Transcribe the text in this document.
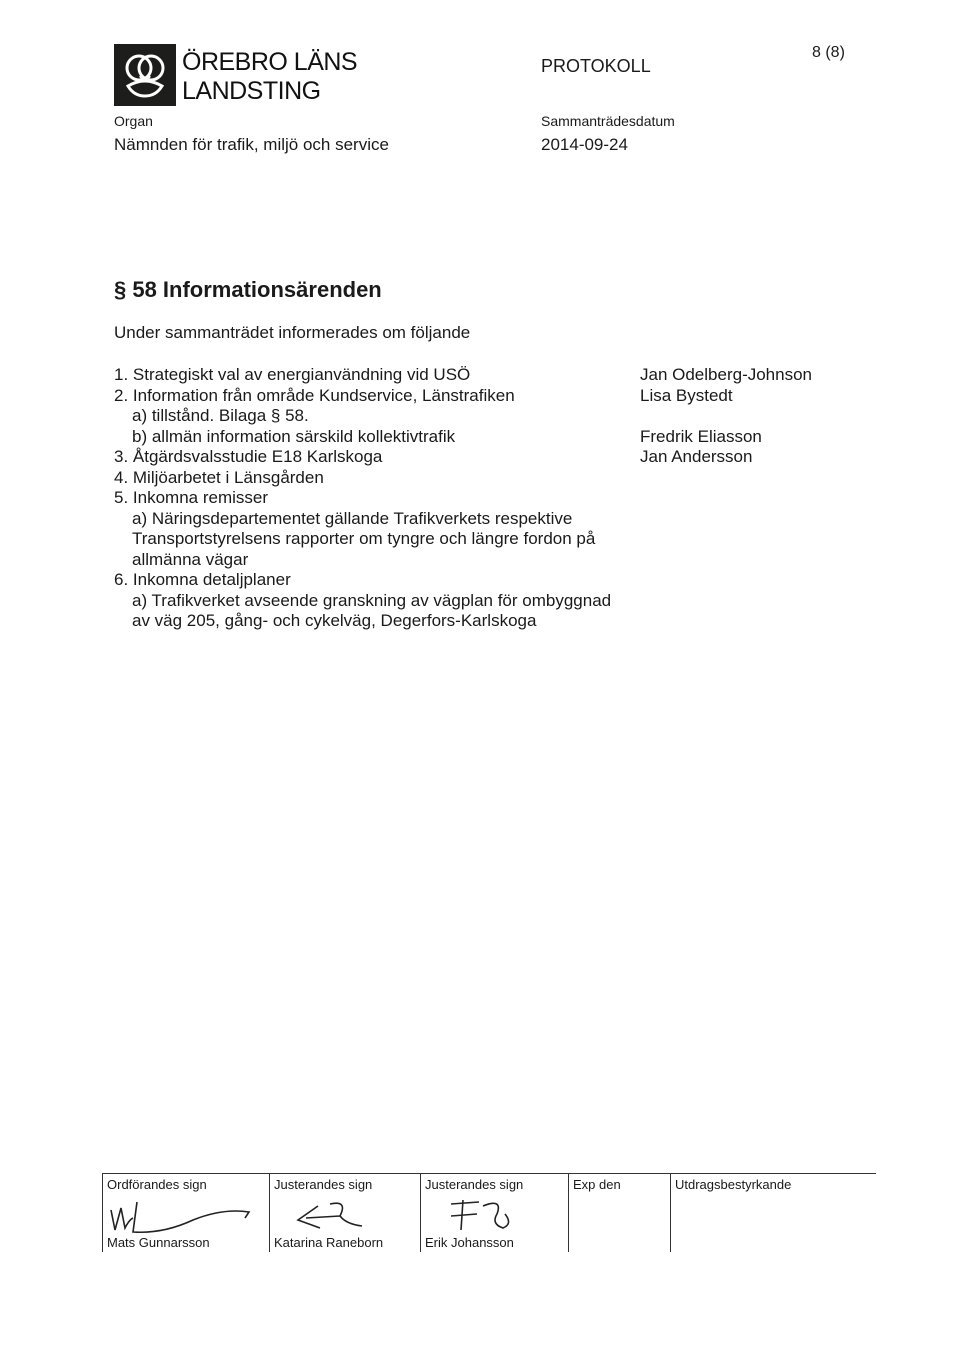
ÖREBRO LÄNS
LANDSTING
PROTOKOLL
8 (8)
Organ
Nämnden för trafik, miljö och service
Sammanträdesdatum
2014-09-24
§ 58 Informationsärenden
Under sammanträdet informerades om följande
1. Strategiskt val av energianvändning vid USÖ
2. Information från område Kundservice, Länstrafiken
a) tillstånd. Bilaga § 58.
b) allmän information särskild kollektivtrafik
3. Åtgärdsvalsstudie E18 Karlskoga
4. Miljöarbetet i Länsgården
5. Inkomna remisser
a) Näringsdepartementet gällande Trafikverkets respektive
Transportstyrelsens rapporter om tyngre och längre fordon på
allmänna vägar
6. Inkomna detaljplaner
a) Trafikverket avseende granskning av vägplan för ombyggnad
av väg 205, gång- och cykelväg, Degerfors-Karlskoga
Jan Odelberg-Johnson
Lisa Bystedt
Fredrik Eliasson
Jan Andersson
Ordförandes sign
Mats Gunnarsson
Justerandes sign
Katarina Raneborn
Justerandes sign
Erik Johansson
Exp den	Utdragsbestyrkande
